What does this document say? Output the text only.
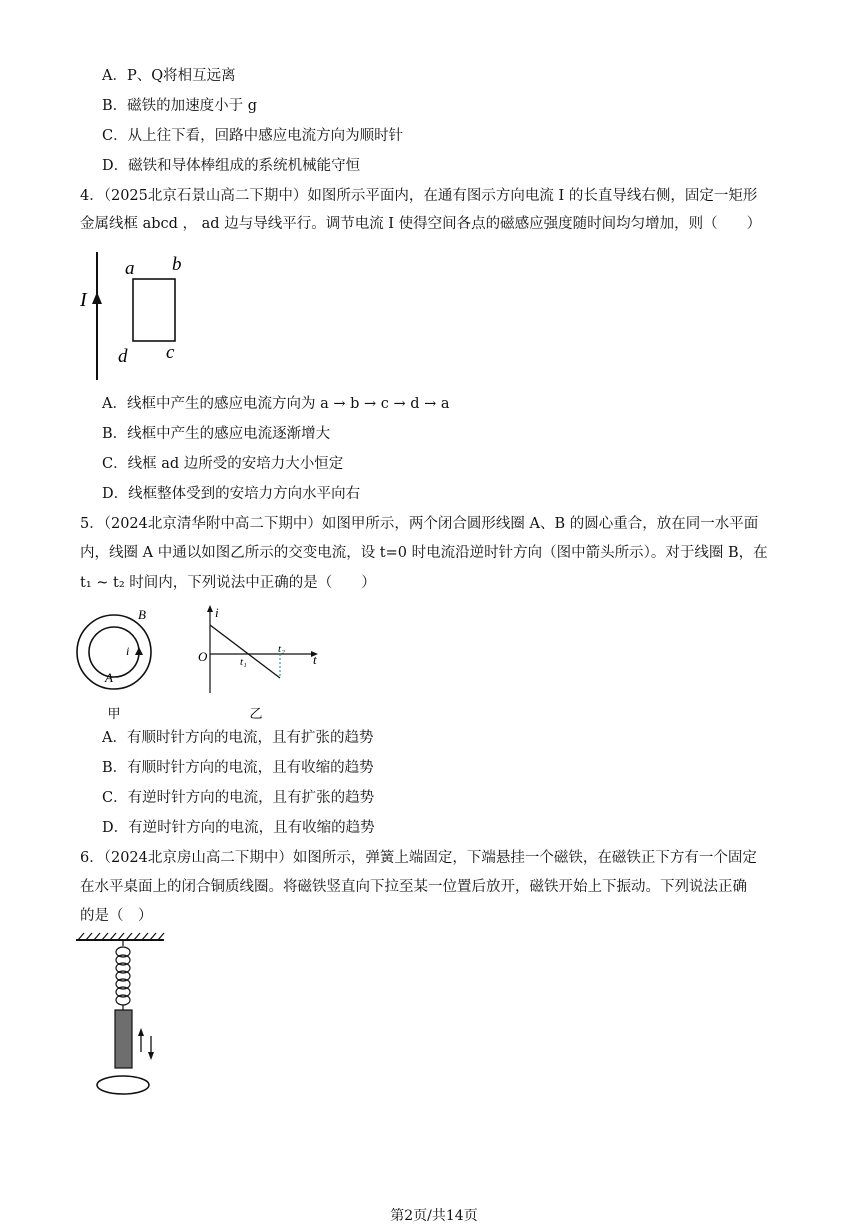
A．P、Q将相互远离
B．磁铁的加速度小于 g
C．从上往下看，回路中感应电流方向为顺时针
D．磁铁和导体棒组成的系统机械能守恒
4．（2025北京石景山高二下期中）如图所示平面内，在通有图示方向电流 I 的长直导线右侧，固定一矩形
金属线框 abcd ， ad 边与导线平行。调节电流 I 使得空间各点的磁感应强度随时间均匀增加，则（　　）
I
a b
c
d
A．线框中产生的感应电流方向为 a → b → c → d → a
B．线框中产生的感应电流逐渐增大
C．线框 ad 边所受的安培力大小恒定
D．线框整体受到的安培力方向水平向右
5．（2024北京清华附中高二下期中）如图甲所示，两个闭合圆形线圈 A、B 的圆心重合，放在同一水平面
内，线圈 A 中通以如图乙所示的交变电流，设 t=0 时电流沿逆时针方向（图中箭头所示）。对于线圈 B，在
t₁ ~ t₂ 时间内，下列说法中正确的是（　　）
B
A
i
甲
i
t
O	t₁
t₂
乙
A．有顺时针方向的电流，且有扩张的趋势
B．有顺时针方向的电流，且有收缩的趋势
C．有逆时针方向的电流，且有扩张的趋势
D．有逆时针方向的电流，且有收缩的趋势
6．（2024北京房山高二下期中）如图所示，弹簧上端固定，下端悬挂一个磁铁，在磁铁正下方有一个固定
在水平桌面上的闭合铜质线圈。将磁铁竖直向下拉至某一位置后放开，磁铁开始上下振动。下列说法正确
的是（　）
第2页/共14页
